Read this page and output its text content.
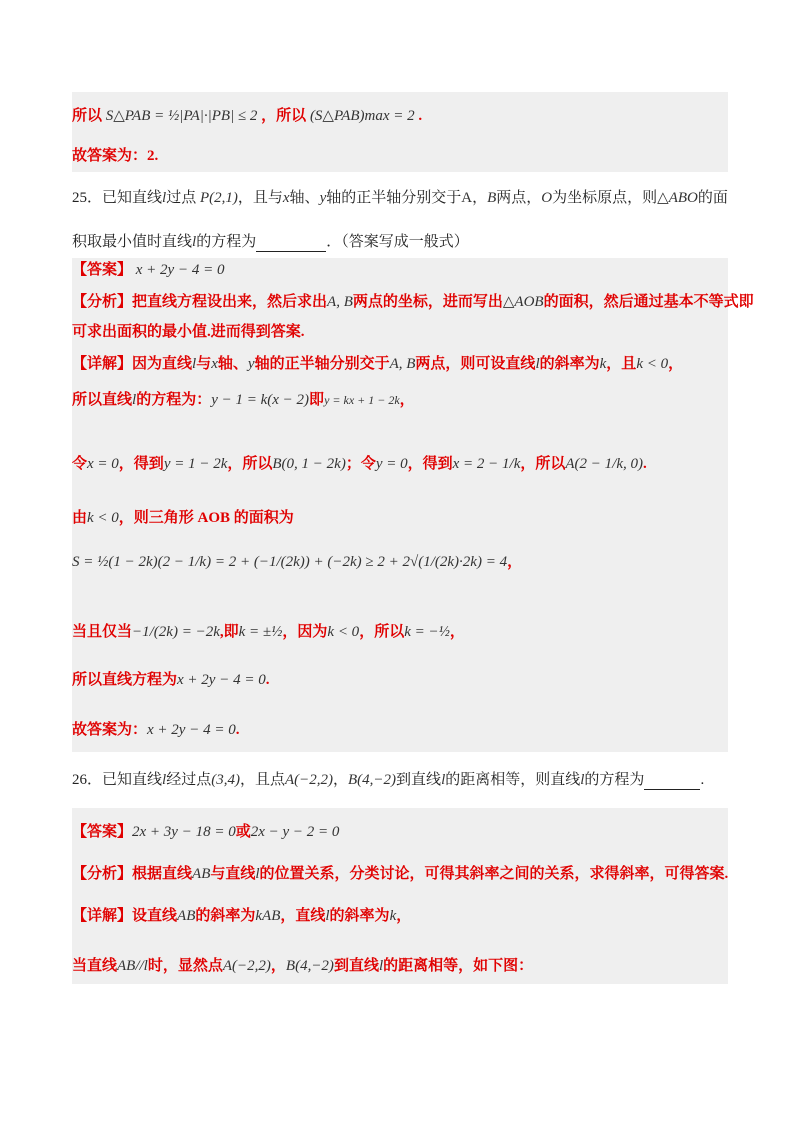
所以 S△PAB = ½|PA|·|PB| ≤ 2 ，所以 (S△PAB)max = 2 .
故答案为：2.
25．已知直线l过点 P(2,1)，且与x轴、y轴的正半轴分别交于A，B两点，O为坐标原点，则△ABO的面
积取最小值时直线l的方程为	．（答案写成一般式）
【答案】 x + 2y − 4 = 0
【分析】把直线方程设出来，然后求出A, B两点的坐标，进而写出△AOB的面积，然后通过基本不等式即
可求出面积的最小值.进而得到答案.
【详解】因为直线l与x轴、y轴的正半轴分别交于A, B两点，则可设直线l的斜率为k，且k < 0，
所以直线l的方程为：y − 1 = k(x − 2)即y = kx + 1 − 2k，
令x = 0，得到y = 1 − 2k，所以B(0, 1 − 2k)；令y = 0，得到x = 2 − 1/k，所以A(2 − 1/k, 0).
由k < 0，则三角形 AOB 的面积为
S = ½(1 − 2k)(2 − 1/k) = 2 + (−1/(2k)) + (−2k) ≥ 2 + 2√(1/(2k)·2k) = 4，
当且仅当−1/(2k) = −2k,即k = ±½，因为k < 0，所以k = −½，
所以直线方程为x + 2y − 4 = 0.
故答案为：x + 2y − 4 = 0.
26．已知直线l经过点(3,4)，且点A(−2,2)，B(4,−2)到直线l的距离相等，则直线l的方程为	.
【答案】2x + 3y − 18 = 0或2x − y − 2 = 0
【分析】根据直线AB与直线l的位置关系，分类讨论，可得其斜率之间的关系，求得斜率，可得答案.
【详解】设直线AB的斜率为kAB，直线l的斜率为k，
当直线AB//l时，显然点A(−2,2)，B(4,−2)到直线l的距离相等，如下图：
